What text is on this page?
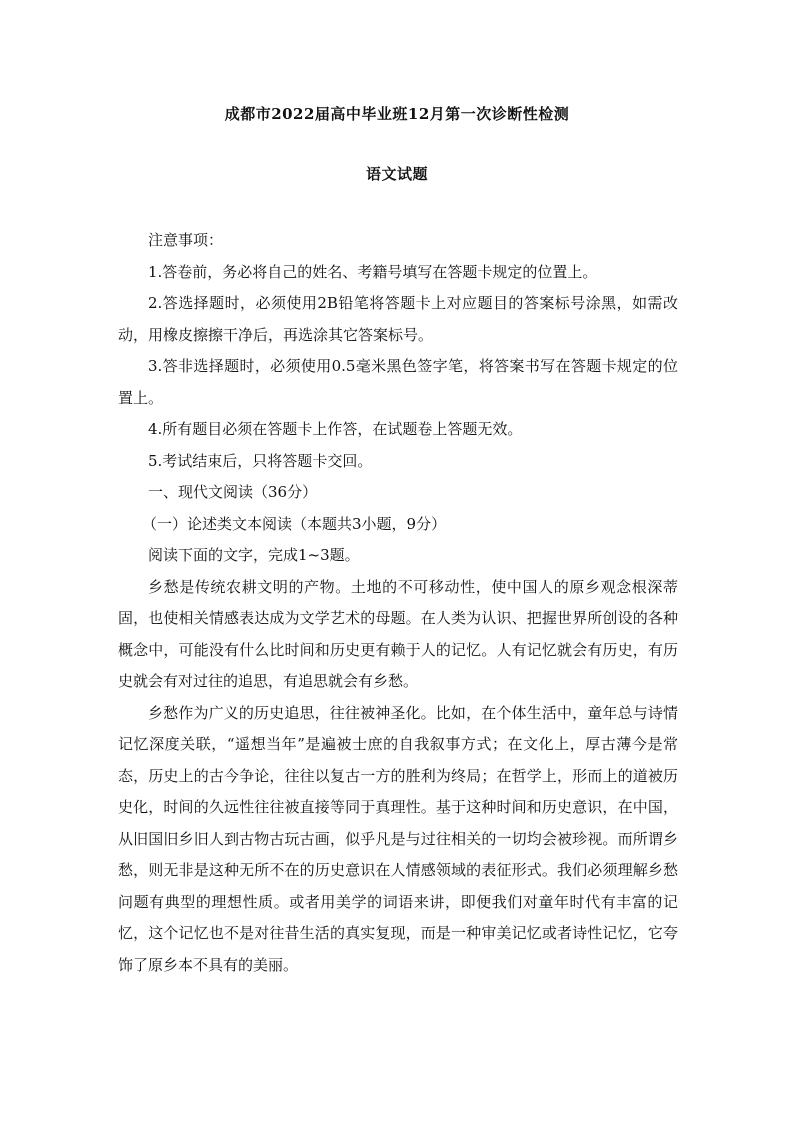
成都市2022届高中毕业班12月第一次诊断性检测
语文试题

注意事项：

1.答卷前，务必将自己的姓名、考籍号填写在答题卡规定的位置上。

2.答选择题时，必须使用2B铅笔将答题卡上对应题目的答案标号涂黑，如需改动，用橡皮擦擦干净后，再选涂其它答案标号。

3.答非选择题时，必须使用0.5毫米黑色签字笔，将答案书写在答题卡规定的位置上。

4.所有题目必须在答题卡上作答，在试题卷上答题无效。

5.考试结束后，只将答题卡交回。

一、现代文阅读（36分）

（一）论述类文本阅读（本题共3小题，9分）

阅读下面的文字，完成1~3题。

乡愁是传统农耕文明的产物。土地的不可移动性，使中国人的原乡观念根深蒂固，也使相关情感表达成为文学艺术的母题。在人类为认识、把握世界所创设的各种概念中，可能没有什么比时间和历史更有赖于人的记忆。人有记忆就会有历史，有历史就会有对过往的追思，有追思就会有乡愁。

乡愁作为广义的历史追思，往往被神圣化。比如，在个体生活中，童年总与诗情记忆深度关联，“遥想当年”是遍被士庶的自我叙事方式；在文化上，厚古薄今是常态，历史上的古今争论，往往以复古一方的胜利为终局；在哲学上，形而上的道被历史化，时间的久远性往往被直接等同于真理性。基于这种时间和历史意识，在中国，从旧国旧乡旧人到古物古玩古画，似乎凡是与过往相关的一切均会被珍视。而所谓乡愁，则无非是这种无所不在的历史意识在人情感领域的表征形式。我们必须理解乡愁问题有典型的理想性质。或者用美学的词语来讲，即便我们对童年时代有丰富的记忆，这个记忆也不是对往昔生活的真实复现，而是一种审美记忆或者诗性记忆，它夸饰了原乡本不具有的美丽。
